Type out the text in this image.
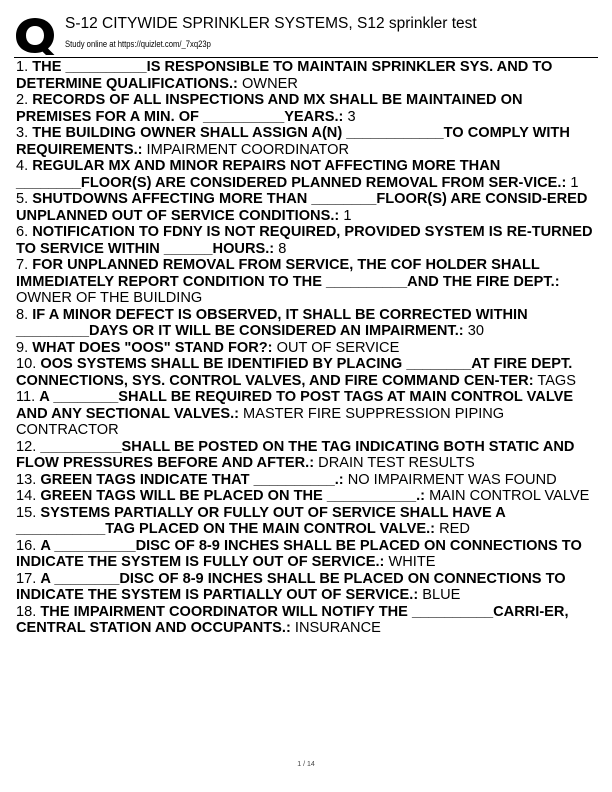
S-12 CITYWIDE SPRINKLER SYSTEMS, S12 sprinkler test
Study online at https://quizlet.com/_7xq23p
1. THE __________IS RESPONSIBLE TO MAINTAIN SPRINKLER SYS. AND TO DETERMINE QUALIFICATIONS.: OWNER
2. RECORDS OF ALL INSPECTIONS AND MX SHALL BE MAINTAINED ON PREMISES FOR A MIN. OF __________YEARS.: 3
3. THE BUILDING OWNER SHALL ASSIGN A(N) ____________TO COMPLY WITH REQUIREMENTS.: IMPAIRMENT COORDINATOR
4. REGULAR MX AND MINOR REPAIRS NOT AFFECTING MORE THAN ________FLOOR(S) ARE CONSIDERED PLANNED REMOVAL FROM SER-VICE.: 1
5. SHUTDOWNS AFFECTING MORE THAN ________FLOOR(S) ARE CONSID-ERED UNPLANNED OUT OF SERVICE CONDITIONS.: 1
6. NOTIFICATION TO FDNY IS NOT REQUIRED, PROVIDED SYSTEM IS RE-TURNED TO SERVICE WITHIN ______HOURS.: 8
7. FOR UNPLANNED REMOVAL FROM SERVICE, THE COF HOLDER SHALL IMMEDIATELY REPORT CONDITION TO THE __________AND THE FIRE DEPT.: OWNER OF THE BUILDING
8. IF A MINOR DEFECT IS OBSERVED, IT SHALL BE CORRECTED WITHIN _________DAYS OR IT WILL BE CONSIDERED AN IMPAIRMENT.: 30
9. WHAT DOES "OOS" STAND FOR?: OUT OF SERVICE
10. OOS SYSTEMS SHALL BE IDENTIFIED BY PLACING ________AT FIRE DEPT. CONNECTIONS, SYS. CONTROL VALVES, AND FIRE COMMAND CEN-TER: TAGS
11. A ________SHALL BE REQUIRED TO POST TAGS AT MAIN CONTROL VALVE AND ANY SECTIONAL VALVES.: MASTER FIRE SUPPRESSION PIPING CONTRACTOR
12. __________SHALL BE POSTED ON THE TAG INDICATING BOTH STATIC AND FLOW PRESSURES BEFORE AND AFTER.: DRAIN TEST RESULTS
13. GREEN TAGS INDICATE THAT __________.: NO IMPAIRMENT WAS FOUND
14. GREEN TAGS WILL BE PLACED ON THE ___________.: MAIN CONTROL VALVE
15. SYSTEMS PARTIALLY OR FULLY OUT OF SERVICE SHALL HAVE A ___________TAG PLACED ON THE MAIN CONTROL VALVE.: RED
16. A __________DISC OF 8-9 INCHES SHALL BE PLACED ON CONNECTIONS TO INDICATE THE SYSTEM IS FULLY OUT OF SERVICE.: WHITE
17. A ________DISC OF 8-9 INCHES SHALL BE PLACED ON CONNECTIONS TO INDICATE THE SYSTEM IS PARTIALLY OUT OF SERVICE.: BLUE
18. THE IMPAIRMENT COORDINATOR WILL NOTIFY THE __________CARRI-ER, CENTRAL STATION AND OCCUPANTS.: INSURANCE
1 / 14
